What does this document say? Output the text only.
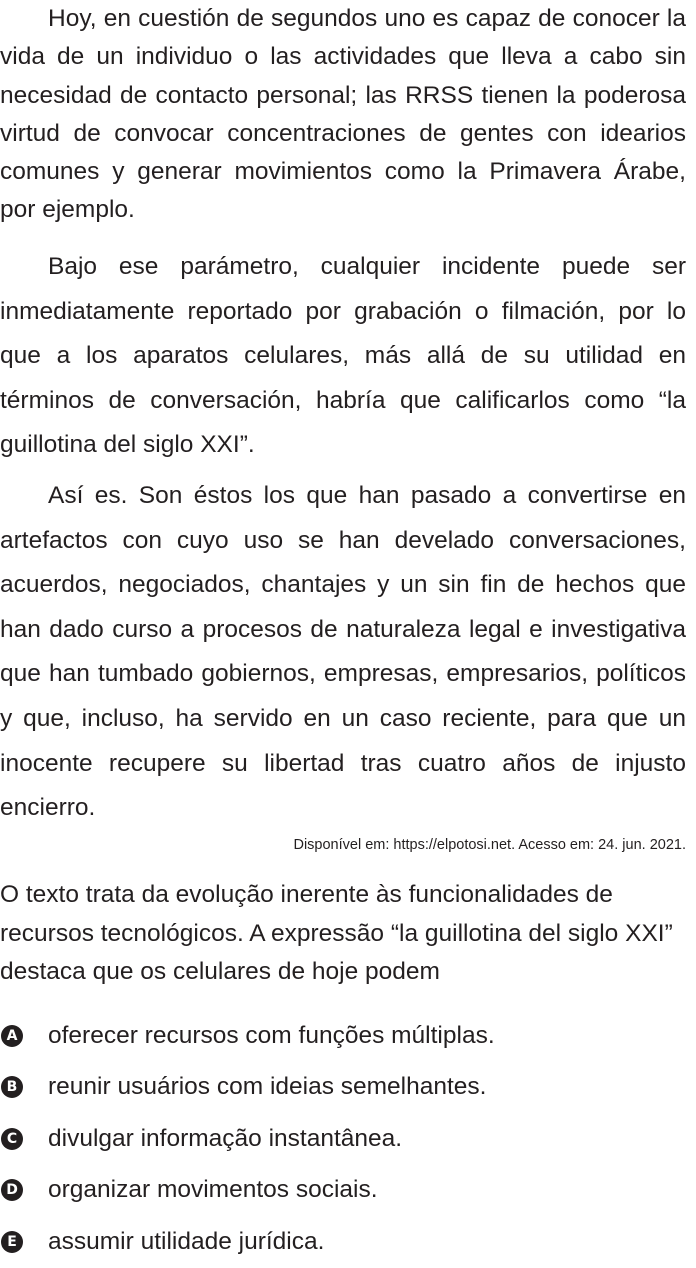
Hoy, en cuestión de segundos uno es capaz de conocer la vida de un individuo o las actividades que lleva a cabo sin necesidad de contacto personal; las RRSS tienen la poderosa virtud de convocar concentraciones de gentes con idearios comunes y generar movimientos como la Primavera Árabe, por ejemplo.

Bajo ese parámetro, cualquier incidente puede ser inmediatamente reportado por grabación o filmación, por lo que a los aparatos celulares, más allá de su utilidad en términos de conversación, habría que calificarlos como “la guillotina del siglo XXI”.

Así es. Son éstos los que han pasado a convertirse en artefactos con cuyo uso se han develado conversaciones, acuerdos, negociados, chantajes y un sin fin de hechos que han dado curso a procesos de naturaleza legal e investigativa que han tumbado gobiernos, empresas, empresarios, políticos y que, incluso, ha servido en un caso reciente, para que un inocente recupere su libertad tras cuatro años de injusto encierro.

Disponível em: https://elpotosi.net. Acesso em: 24. jun. 2021.

O texto trata da evolução inerente às funcionalidades de recursos tecnológicos. A expressão “la guillotina del siglo XXI” destaca que os celulares de hoje podem

A oferecer recursos com funções múltiplas.
B reunir usuários com ideias semelhantes.
C divulgar informação instantânea.
D organizar movimentos sociais.
E assumir utilidade jurídica.
